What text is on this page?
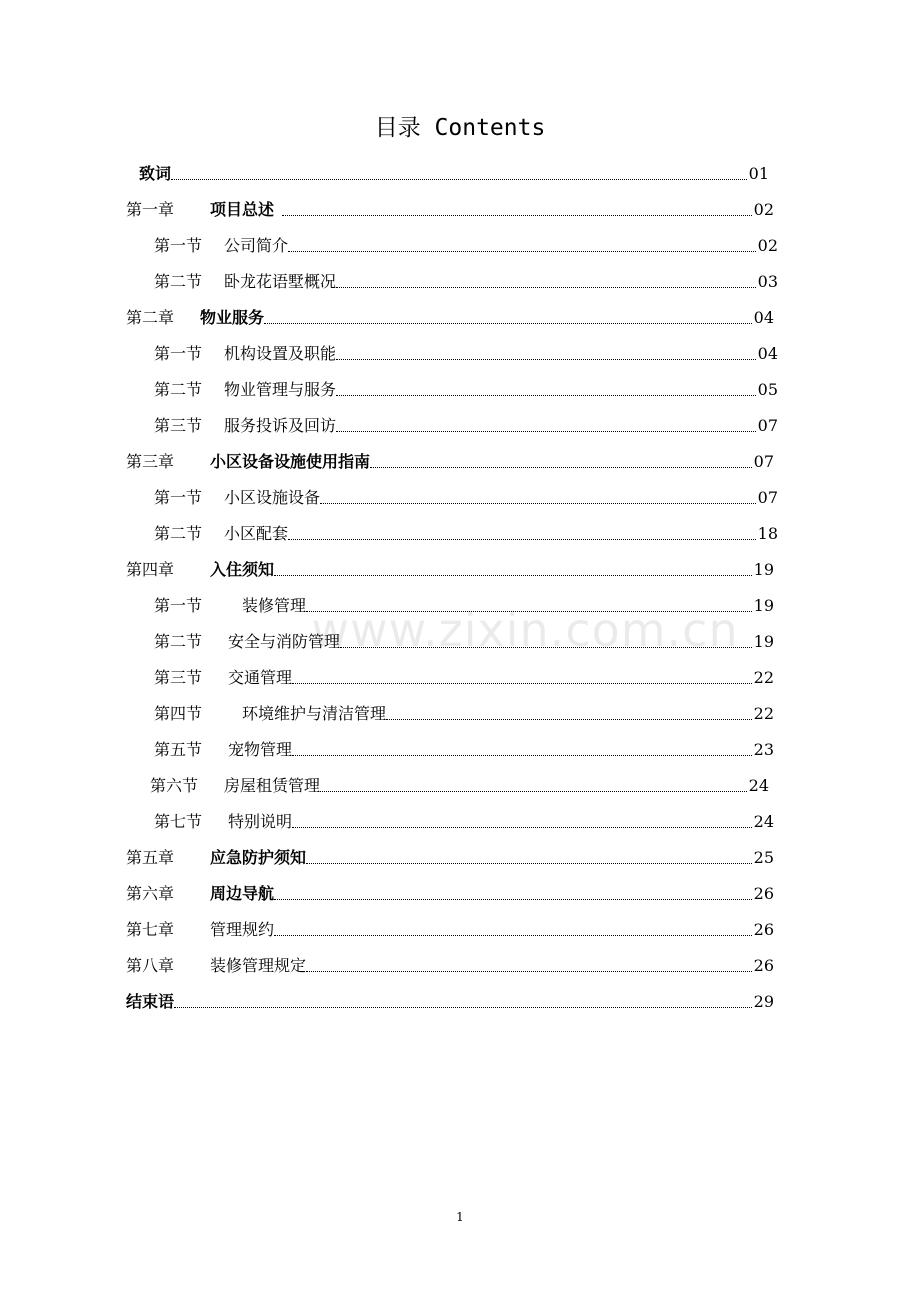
目录 Contents
www.zixin.com.cn
致词	01
第一章	项目总述	02
第一节	公司简介	02
第二节	卧龙花语墅概况	03
第二章	物业服务	04
第一节	机构设置及职能	04
第二节	物业管理与服务	05
第三节	服务投诉及回访	07
第三章	小区设备设施使用指南	07
第一节	小区设施设备	07
第二节	小区配套	18
第四章	入住须知	19
第一节	装修管理	19
第二节	安全与消防管理	19
第三节	交通管理	22
第四节	环境维护与清洁管理	22
第五节	宠物管理	23
第六节	房屋租赁管理	24
第七节	特别说明	24
第五章	应急防护须知	25
第六章	周边导航	26
第七章	管理规约	26
第八章	装修管理规定	26
结束语	29
1
